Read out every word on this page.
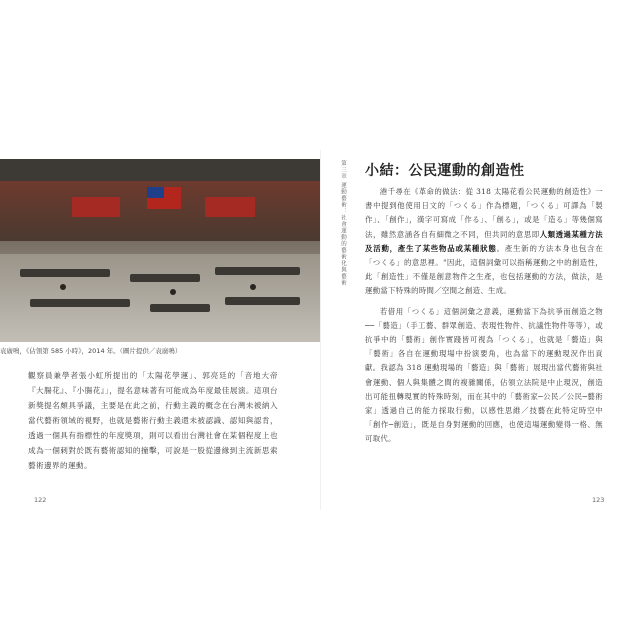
袁廣鳴，《佔領第 585 小時》，2014 年。（圖片提供／袁廣鳴）
觀察員兼學者張小虹所提出的「太陽花學運」、郭亮廷的「音地大帝『大腸花』、『小腸花』」，提名意味著有可能成為年度最佳展演。這項台新獎提名頗具爭議，主要是在此之前，行動主義的概念在台灣未被納入當代藝術領域的視野，也就是藝術行動主義還未被認識、認知與認肯，透過一個具有指標性的年度獎項，則可以看出台灣社會在某個程度上也成為一個刺對於既有藝術認知的撞擊，可說是一股從邊緣到主流新思索藝術邊界的運動。
122
第三章 運動藝術：社會運動的藝術化與藝術 小結：公民運動的創造性

港千尋在《革命的做法：從 318 太陽花看公民運動的創造性》一書中提到他使用日文的「つくる」作為標題，「つくる」可譯為「製作」、「創作」，漢字可寫成「作る」、「創る」，或是「造る」等幾個寫法，雖然意涵各自有細微之不同，但共同的意思即人類透過某種方法及活動，產生了某些物品或某種狀態。產生新的方法本身也包含在「つくる」的意思裡。"因此，這個詞彙可以指稱運動之中的創造性，此「創造性」不僅是創意物件之生產，也包括運動的方法，做法，是運動當下特殊的時間／空間之創造、生成。

若借用「つくる」這個詞彙之意義，運動當下為抗爭而創造之物──「藝造」（手工藝、群眾創造、表現性物件、抗議性物件等等），或抗爭中的「藝術」創作實踐皆可視為「つくる」，也就是「藝造」與「藝術」各自在運動現場中扮演要角，也為當下的運動現況作出貢獻。我認為 318 運動現場的「藝造」與「藝術」展現出當代藝術與社會運動、個人與集體之間的複雜關係，佔領立法院是中止現況，創造出可能扭轉現實的特殊時刻，而在其中的「藝術家─公民／公民─藝術家」透過自己的能力採取行動，以感性思維／技藝在此特定時空中「創作─創造」，既是自身對運動的回應，也使這場運動變得一格、無可取代。

123
